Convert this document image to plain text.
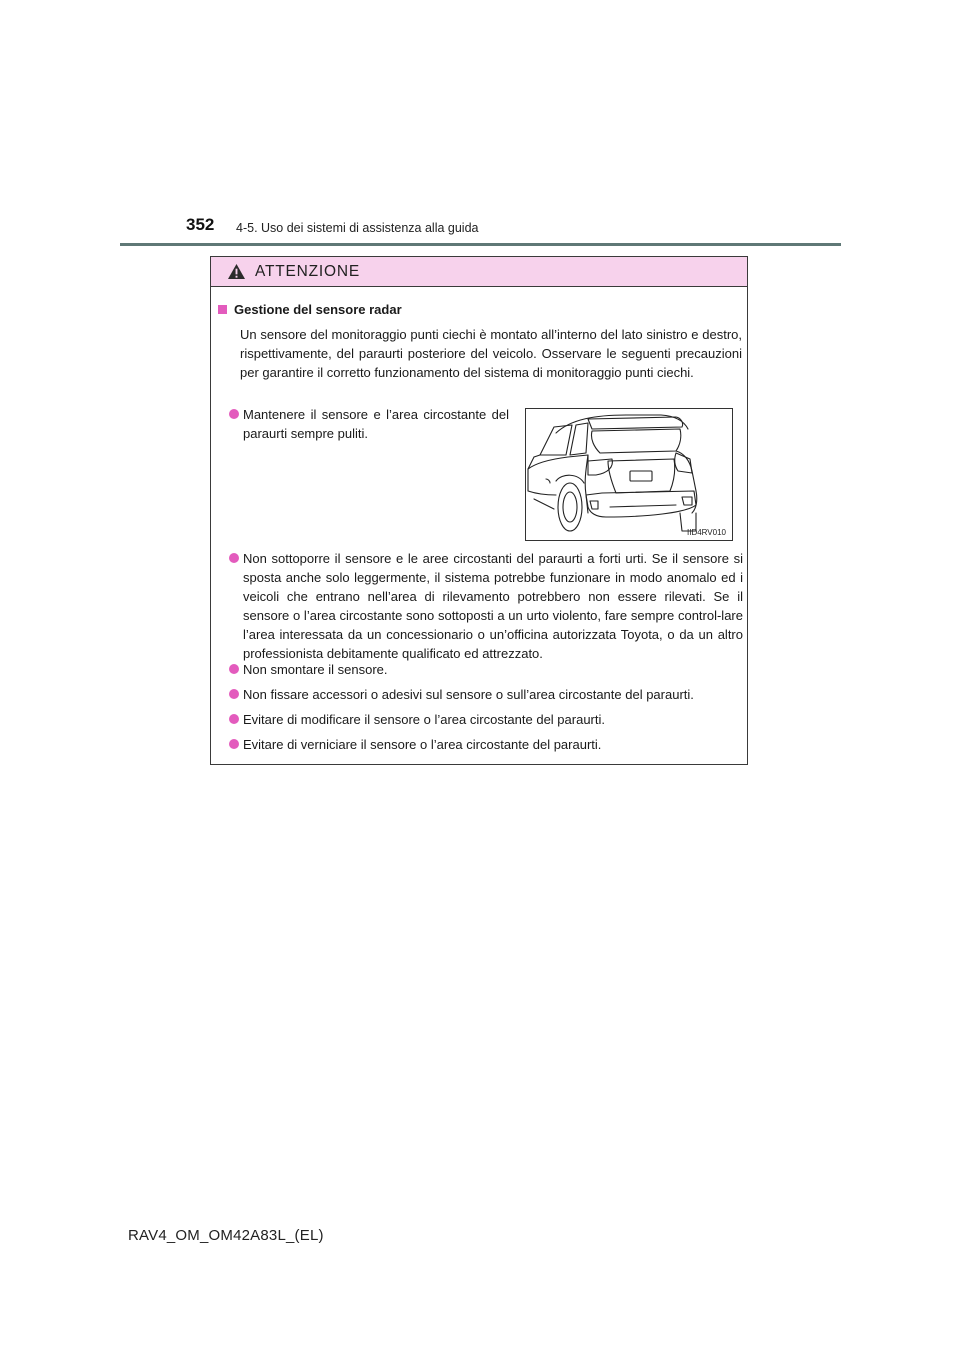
352 4-5. Uso dei sistemi di assistenza alla guida
ATTENZIONE
Gestione del sensore radar
Un sensore del monitoraggio punti ciechi è montato all’interno del lato sinistro e destro, rispettivamente, del paraurti posteriore del veicolo. Osservare le seguenti precauzioni per garantire il corretto funzionamento del sistema di monitoraggio punti ciechi.
Mantenere il sensore e l’area circostante del paraurti sempre puliti.
IID4RV010
Non sottoporre il sensore e le aree circostanti del paraurti a forti urti. Se il sensore si sposta anche solo leggermente, il sistema potrebbe funzionare in modo anomalo ed i veicoli che entrano nell’area di rilevamento potrebbero non essere rilevati. Se il sensore o l’area circostante sono sottoposti a un urto violento, fare sempre control-lare l’area interessata da un concessionario o un’officina autorizzata Toyota, o da un altro professionista debitamente qualificato ed attrezzato.
Non smontare il sensore.
Non fissare accessori o adesivi sul sensore o sull’area circostante del paraurti.
Evitare di modificare il sensore o l’area circostante del paraurti.
Evitare di verniciare il sensore o l’area circostante del paraurti.
RAV4_OM_OM42A83L_(EL)
